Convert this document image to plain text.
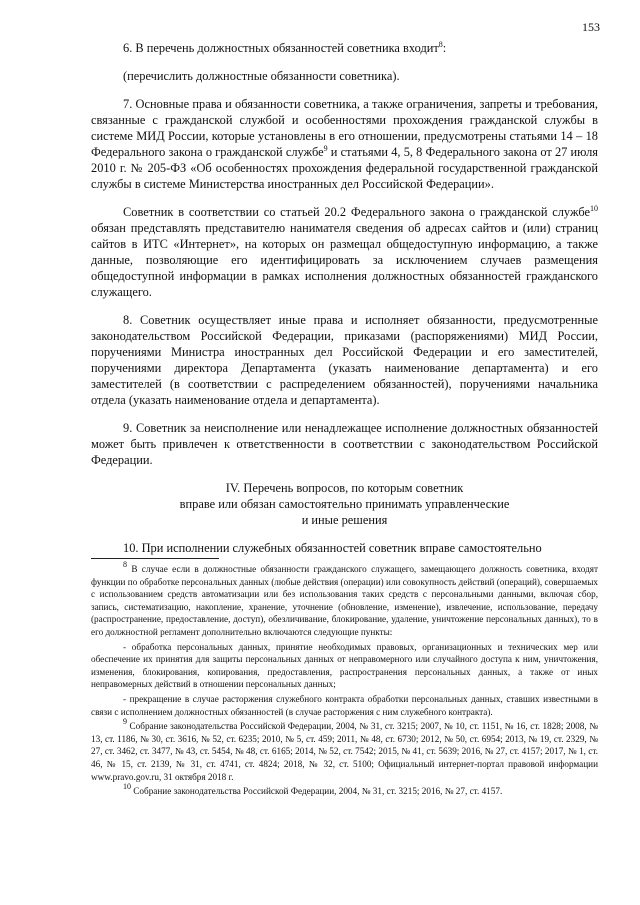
153

6. В перечень должностных обязанностей советника входит$^8$:

(перечислить должностные обязанности советника).

7. Основные права и обязанности советника, а также ограничения, запреты и требования, связанные с гражданской службой и особенностями прохождения гражданской службы в системе МИД России, которые установлены в его отношении, предусмотрены статьями 14 – 18 Федерального закона о гражданской службе$^9$ и статьями 4, 5, 8 Федерального закона от 27 июля 2010 г. № 205-ФЗ «Об особенностях прохождения федеральной государственной гражданской службы в системе Министерства иностранных дел Российской Федерации».

Советник в соответствии со статьей 20.2 Федерального закона о гражданской службе$^{10}$ обязан представлять представителю нанимателя сведения об адресах сайтов и (или) страниц сайтов в ИТС «Интернет», на которых он размещал общедоступную информацию, а также данные, позволяющие его идентифицировать за исключением случаев размещения общедоступной информации в рамках исполнения должностных обязанностей гражданского служащего.

8. Советник осуществляет иные права и исполняет обязанности, предусмотренные законодательством Российской Федерации, приказами (распоряжениями) МИД России, поручениями Министра иностранных дел Российской Федерации и его заместителей, поручениями директора Департамента (указать наименование департамента) и его заместителей (в соответствии с распределением обязанностей), поручениями начальника отдела (указать наименование отдела и департамента).

9. Советник за неисполнение или ненадлежащее исполнение должностных обязанностей может быть привлечен к ответственности в соответствии с законодательством Российской Федерации.

IV. Перечень вопросов, по которым советник
вправе или обязан самостоятельно принимать управленческие
и иные решения

10. При исполнении служебных обязанностей советник вправе самостоятельно

$^8$ В случае если в должностные обязанности гражданского служащего, замещающего должность советника, входят функции по обработке персональных данных (любые действия (операции) или совокупность действий (операций), совершаемых с использованием средств автоматизации или без использования таких средств с персональными данными, включая сбор, запись, систематизацию, накопление, хранение, уточнение (обновление, изменение), извлечение, использование, передачу (распространение, предоставление, доступ), обезличивание, блокирование, удаление, уничтожение персональных данных), то в его должностной регламент дополнительно включаются следующие пункты:

- обработка персональных данных, принятие необходимых правовых, организационных и технических мер или обеспечение их принятия для защиты персональных данных от неправомерного или случайного доступа к ним, уничтожения, изменения, блокирования, копирования, предоставления, распространения персональных данных, а также от иных неправомерных действий в отношении персональных данных;

- прекращение в случае расторжения служебного контракта обработки персональных данных, ставших известными в связи с исполнением должностных обязанностей (в случае расторжения с ним служебного контракта).

$^9$ Собрание законодательства Российской Федерации, 2004, № 31, ст. 3215; 2007, № 10, ст. 1151, № 16, ст. 1828; 2008, № 13, ст. 1186, № 30, ст. 3616, № 52, ст. 6235; 2010, № 5, ст. 459; 2011, № 48, ст. 6730; 2012, № 50, ст. 6954; 2013, № 19, ст. 2329, № 27, ст. 3462, ст. 3477, № 43, ст. 5454, № 48, ст. 6165; 2014, № 52, ст. 7542; 2015, № 41, ст. 5639; 2016, № 27, ст. 4157; 2017, № 1, ст. 46, № 15, ст. 2139, № 31, ст. 4741, ст. 4824; 2018, № 32, ст. 5100; Официальный интернет-портал правовой информации www.pravo.gov.ru, 31 октября 2018 г.

$^{10}$ Собрание законодательства Российской Федерации, 2004, № 31, ст. 3215; 2016, № 27, ст. 4157.
